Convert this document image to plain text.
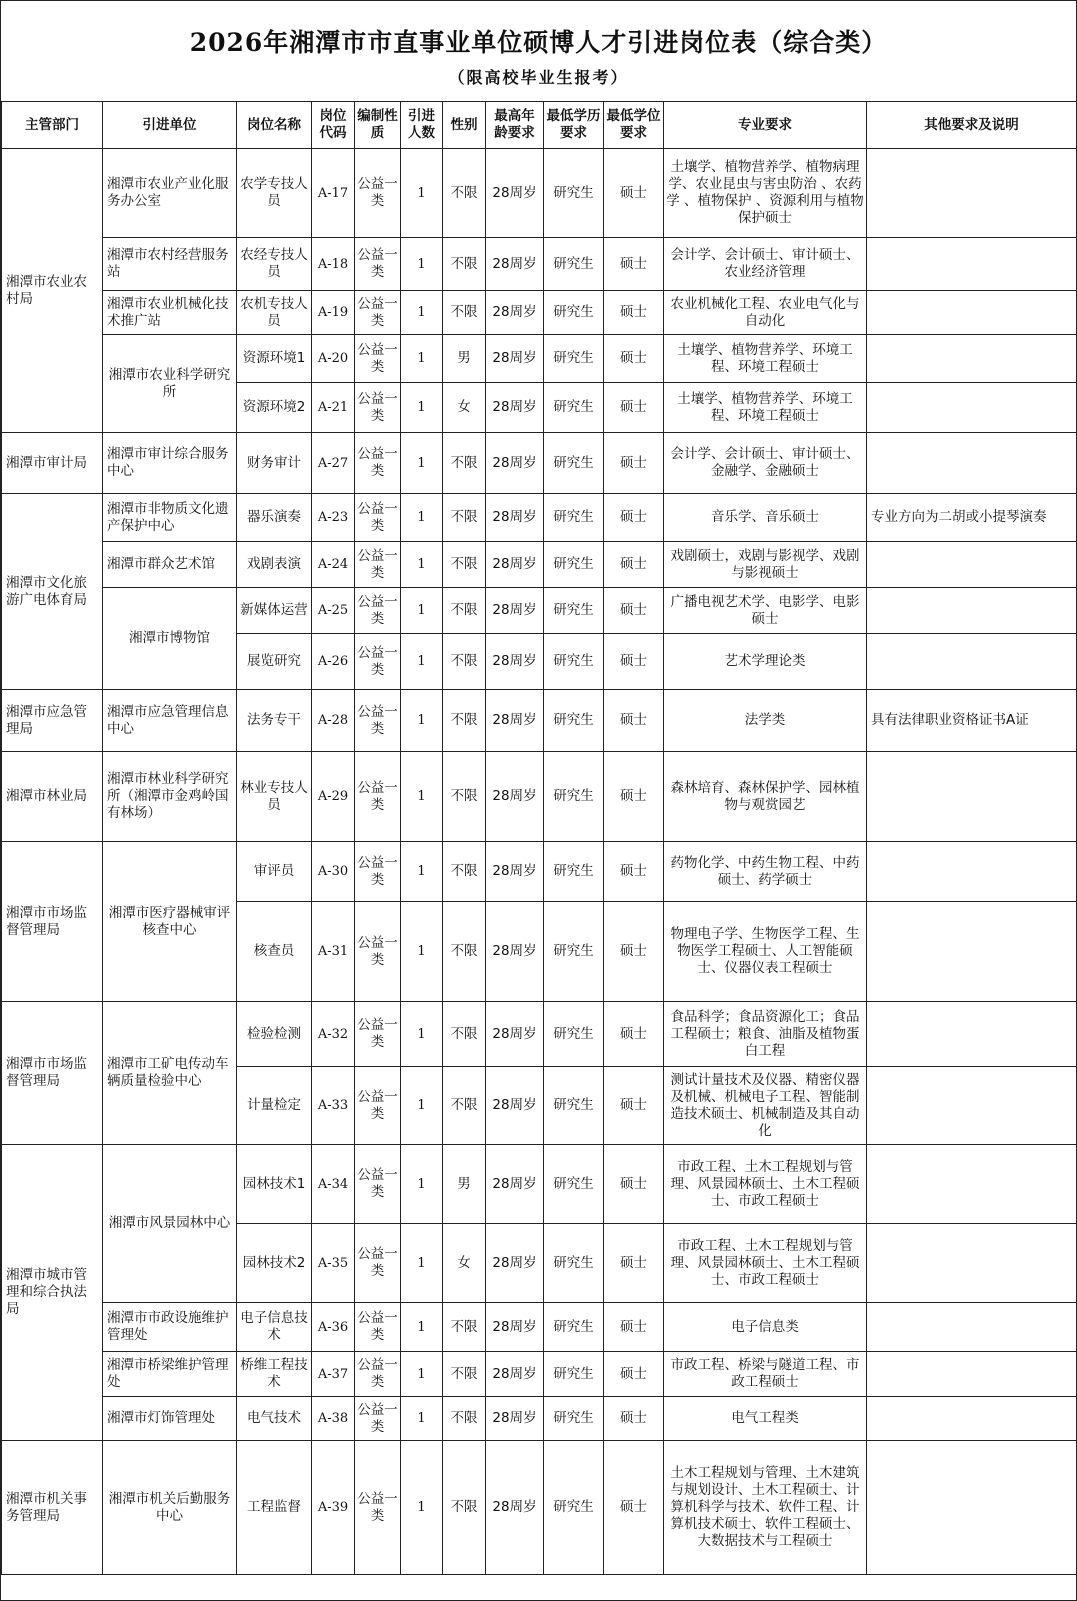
2026年湘潭市市直事业单位硕博人才引进岗位表（综合类）
（限高校毕业生报考）
主管部门	引进单位	岗位名称	岗位代码	编制性质	引进人数	性别	最高年龄要求	最低学历要求	最低学位要求	专业要求	其他要求及说明
湘潭市农业农村局	湘潭市农业产业化服务办公室	农学专技人员	A-17	公益一类	1	不限	28周岁	研究生	硕士	土壤学、植物营养学、植物病理学、农业昆虫与害虫防治 、农药学 、植物保护 、资源利用与植物保护硕士	
	湘潭市农村经营服务站	农经专技人员	A-18	公益一类	1	不限	28周岁	研究生	硕士	会计学、会计硕士、审计硕士、农业经济管理	
	湘潭市农业机械化技术推广站	农机专技人员	A-19	公益一类	1	不限	28周岁	研究生	硕士	农业机械化工程、农业电气化与自动化	
	湘潭市农业科学研究所	资源环境1	A-20	公益一类	1	男	28周岁	研究生	硕士	土壤学、植物营养学、环境工程、环境工程硕士	
		资源环境2	A-21	公益一类	1	女	28周岁	研究生	硕士	土壤学、植物营养学、环境工程、环境工程硕士	
湘潭市审计局	湘潭市审计综合服务中心	财务审计	A-27	公益一类	1	不限	28周岁	研究生	硕士	会计学、会计硕士、审计硕士、金融学、金融硕士	
湘潭市文化旅游广电体育局	湘潭市非物质文化遗产保护中心	器乐演奏	A-23	公益一类	1	不限	28周岁	研究生	硕士	音乐学、音乐硕士	专业方向为二胡或小提琴演奏
	湘潭市群众艺术馆	戏剧表演	A-24	公益一类	1	不限	28周岁	研究生	硕士	戏剧硕士，戏剧与影视学、戏剧与影视硕士	
	湘潭市博物馆	新媒体运营	A-25	公益一类	1	不限	28周岁	研究生	硕士	广播电视艺术学、电影学、电影硕士	
		展览研究	A-26	公益一类	1	不限	28周岁	研究生	硕士	艺术学理论类	
湘潭市应急管理局	湘潭市应急管理信息中心	法务专干	A-28	公益一类	1	不限	28周岁	研究生	硕士	法学类	具有法律职业资格证书A证
湘潭市林业局	湘潭市林业科学研究所（湘潭市金鸡岭国有林场）	林业专技人员	A-29	公益一类	1	不限	28周岁	研究生	硕士	森林培育、森林保护学、园林植物与观赏园艺	
湘潭市市场监督管理局	湘潭市医疗器械审评核查中心	审评员	A-30	公益一类	1	不限	28周岁	研究生	硕士	药物化学、中药生物工程、中药硕士、药学硕士	
		核查员	A-31	公益一类	1	不限	28周岁	研究生	硕士	物理电子学、生物医学工程、生物医学工程硕士、人工智能硕士、仪器仪表工程硕士	
湘潭市市场监督管理局	湘潭市工矿电传动车辆质量检验中心	检验检测	A-32	公益一类	1	不限	28周岁	研究生	硕士	食品科学；食品资源化工；食品工程硕士；粮食、油脂及植物蛋白工程	
		计量检定	A-33	公益一类	1	不限	28周岁	研究生	硕士	测试计量技术及仪器、精密仪器及机械、机械电子工程、智能制造技术硕士、机械制造及其自动化	
湘潭市城市管理和综合执法局	湘潭市风景园林中心	园林技术1	A-34	公益一类	1	男	28周岁	研究生	硕士	市政工程、土木工程规划与管理、风景园林硕士、土木工程硕士、市政工程硕士	
		园林技术2	A-35	公益一类	1	女	28周岁	研究生	硕士	市政工程、土木工程规划与管理、风景园林硕士、土木工程硕士、市政工程硕士	
	湘潭市市政设施维护管理处	电子信息技术	A-36	公益一类	1	不限	28周岁	研究生	硕士	电子信息类	
	湘潭市桥梁维护管理处	桥维工程技术	A-37	公益一类	1	不限	28周岁	研究生	硕士	市政工程、桥梁与隧道工程、市政工程硕士	
	湘潭市灯饰管理处	电气技术	A-38	公益一类	1	不限	28周岁	研究生	硕士	电气工程类	
湘潭市机关事务管理局	湘潭市机关后勤服务中心	工程监督	A-39	公益一类	1	不限	28周岁	研究生	硕士	土木工程规划与管理、土木建筑与规划设计、土木工程硕士、计算机科学与技术、软件工程、计算机技术硕士、软件工程硕士、大数据技术与工程硕士	
